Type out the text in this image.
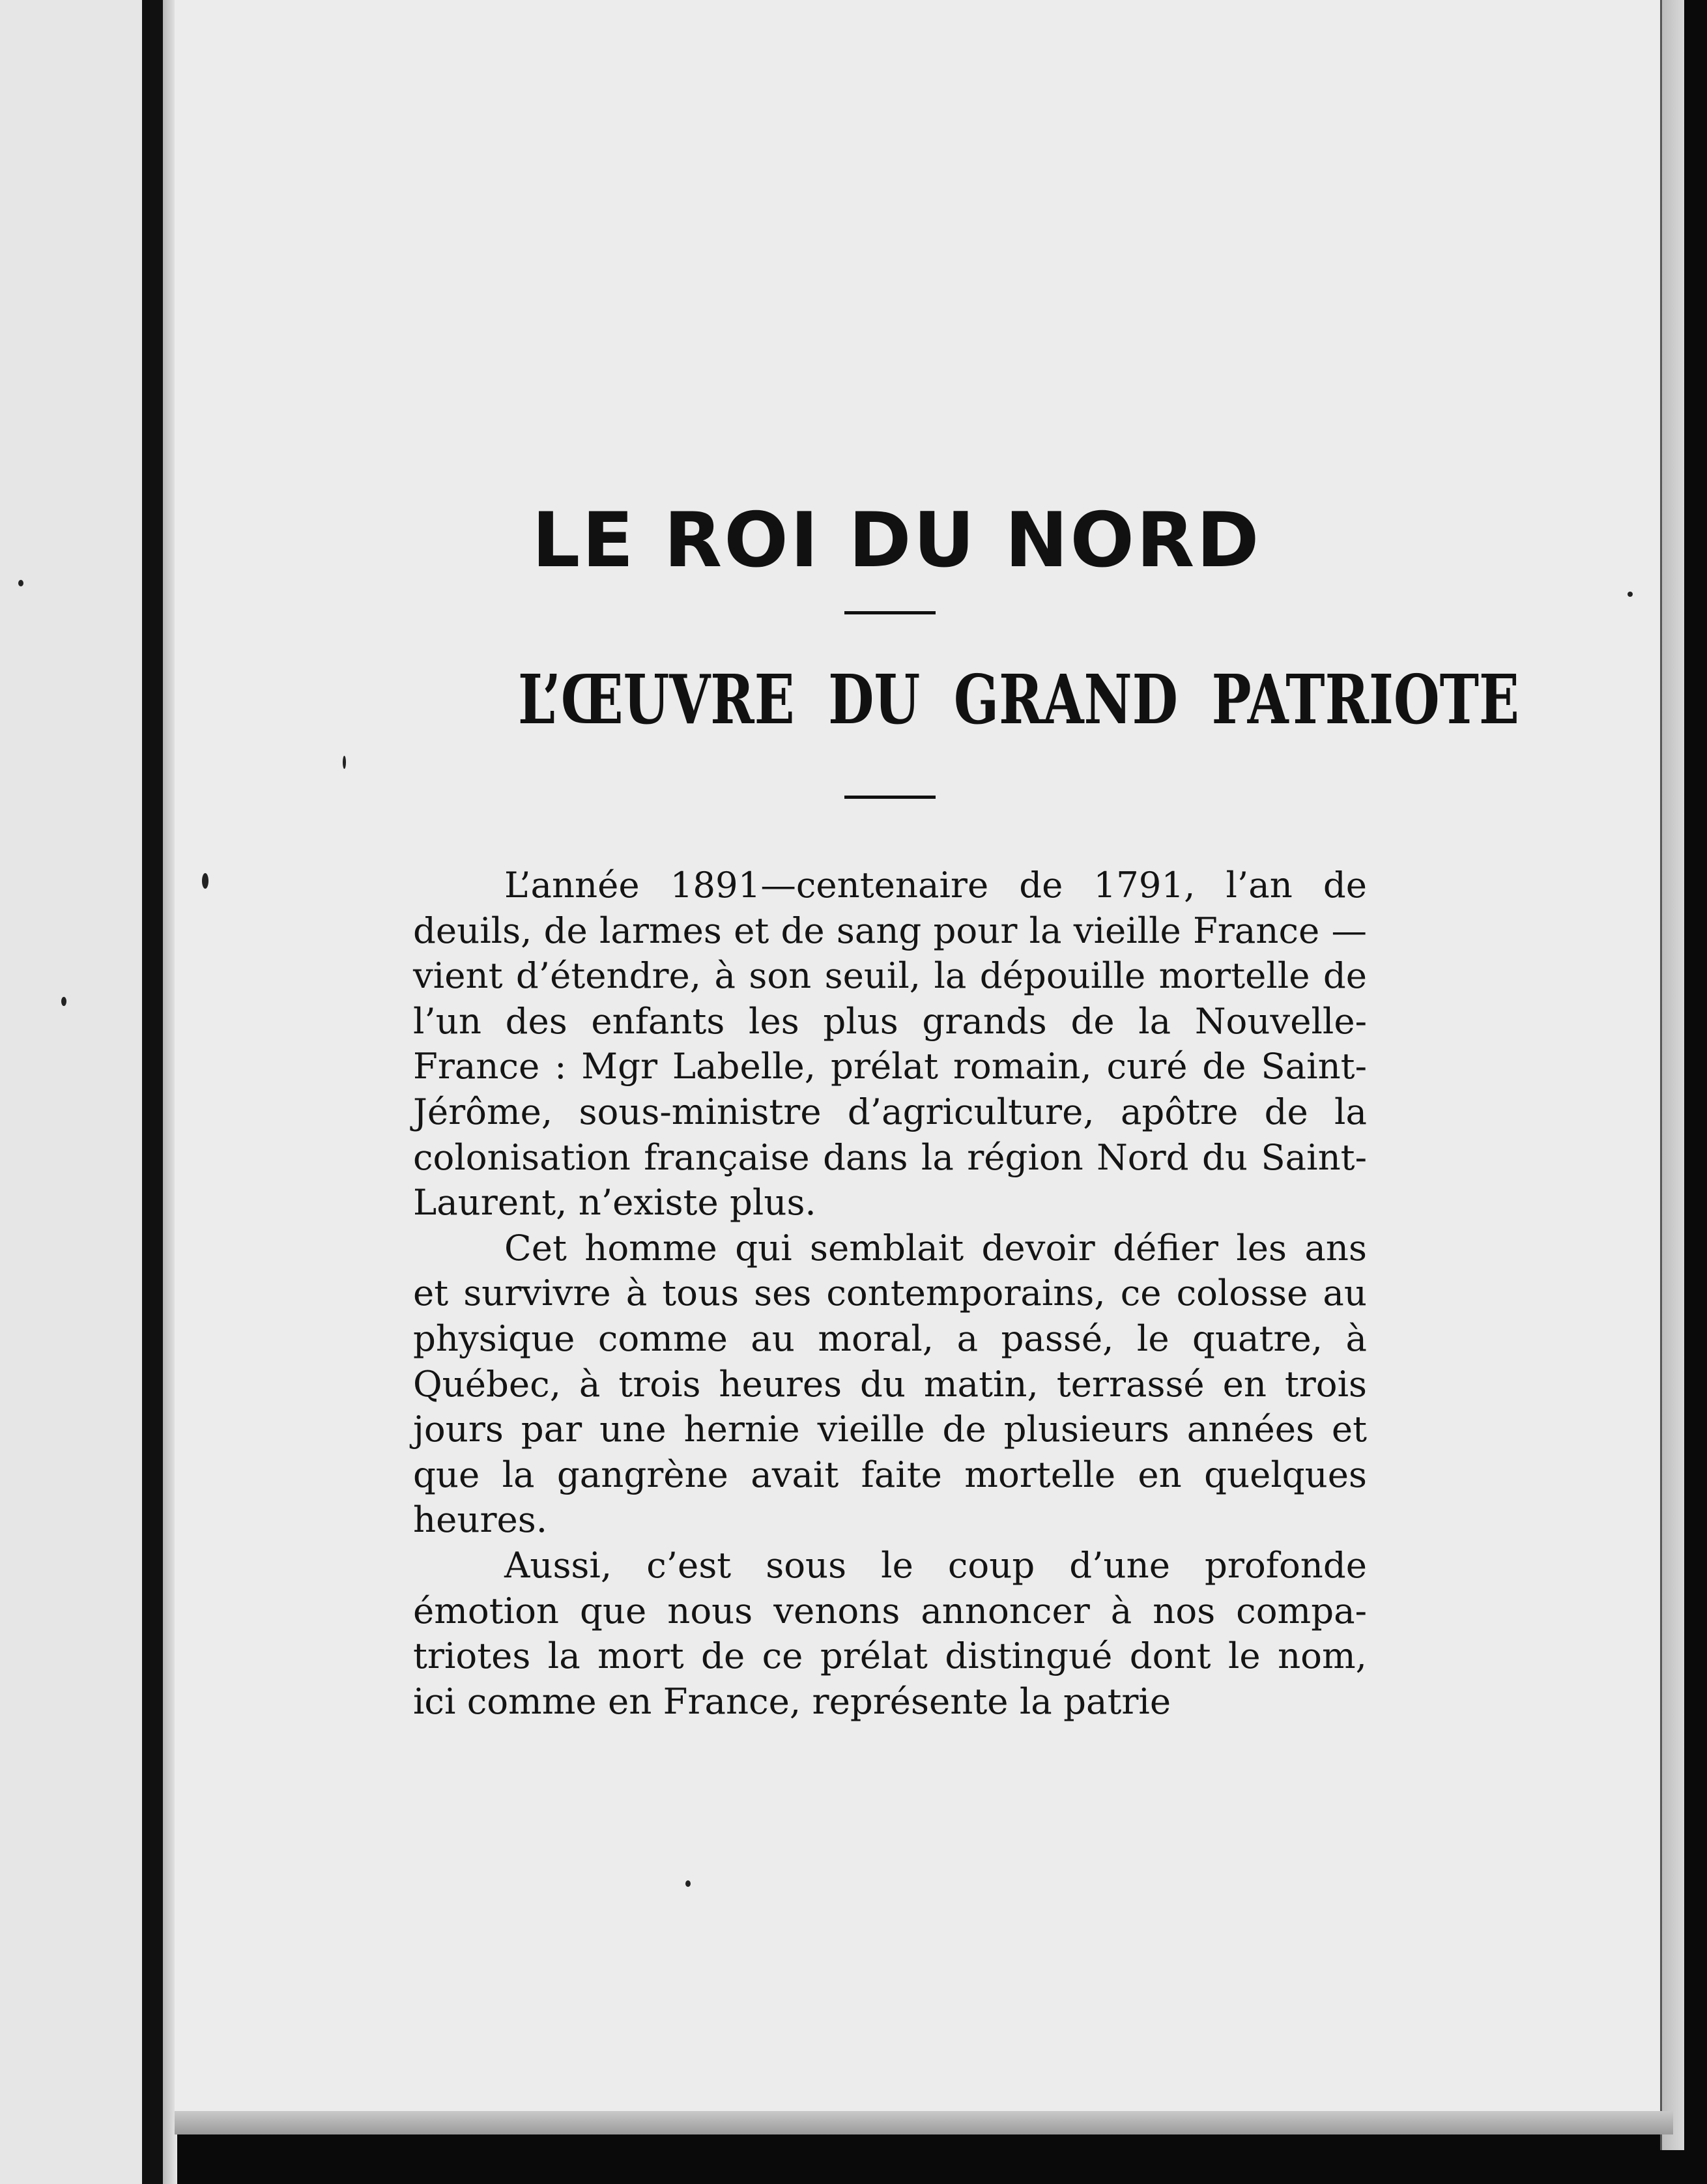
LE ROI DU NORD
L’ŒUVRE DU GRAND PATRIOTE

L’année 1891—centenaire de 1791, l’an de deuils, de larmes et de sang pour la vieille France —vient d’étendre, à son seuil, la dépouille mortelle de l’un des enfants les plus grands de la Nouvelle-France : Mgr Labelle, prélat romain, curé de Saint-Jérôme, sous-ministre d’agriculture, apôtre de la colonisation française dans la région Nord du Saint-Laurent, n’existe plus.

Cet homme qui semblait devoir défier les ans et survivre à tous ses contemporains, ce colosse au physique comme au moral, a passé, le quatre, à Québec, à trois heures du matin, terrassé en trois jours par une hernie vieille de plusieurs années et que la gangrène avait faite mortelle en quelques heures.

Aussi, c’est sous le coup d’une profonde émotion que nous venons annoncer à nos compatriotes la mort de ce prélat distingué dont le nom, ici comme en France, représente la patrie
